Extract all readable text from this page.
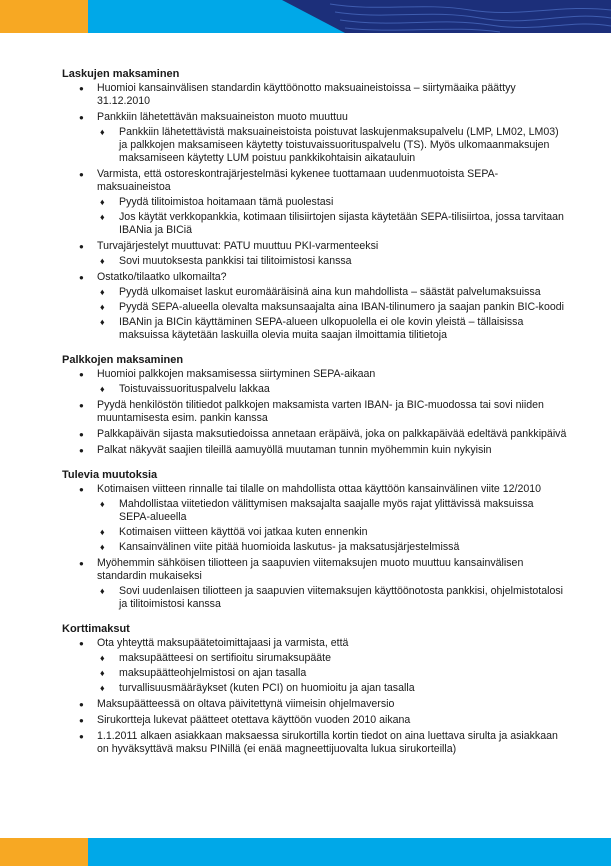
Laskujen maksaminen
● Huomioi kansainvälisen standardin käyttöönotto maksuaineistoissa – siirtymäaika päättyy 31.12.2010
● Pankkiin lähetettävän maksuaineiston muoto muuttuu
♦ Pankkiin lähetettävistä maksuaineistoista poistuvat laskujenmaksupalvelu (LMP, LM02, LM03) ja palkkojen maksamiseen käytetty toistuvaissuorituspalvelu (TS). Myös ulkomaanmaksujen maksamiseen käytetty LUM poistuu pankkikohtaisin aikatauluin
● Varmista, että ostoreskontrajärjestelmäsi kykenee tuottamaan uudenmuotoista SEPA-maksuaineistoa
♦ Pyydä tilitoimistoa hoitamaan tämä puolestasi
♦ Jos käytät verkkopankkia, kotimaan tilisiirtojen sijasta käytetään SEPA-tilisiirtoa, jossa tarvitaan IBANia ja BICiä
● Turvajärjestelyt muuttuvat: PATU muuttuu PKI-varmenteeksi
♦ Sovi muutoksesta pankkisi tai tilitoimistosi kanssa
● Ostatko/tilaatko ulkomailta?
♦ Pyydä ulkomaiset laskut euromääräisinä aina kun mahdollista – säästät palvelumaksuissa
♦ Pyydä SEPA-alueella olevalta maksunsaajalta aina IBAN-tilinumero ja saajan pankin BIC-koodi
♦ IBANin ja BICin käyttäminen SEPA-alueen ulkopuolella ei ole kovin yleistä – tällaisissa maksuissa käytetään laskuilla olevia muita saajan ilmoittamia tilitietoja
Palkkojen maksaminen
● Huomioi palkkojen maksamisessa siirtyminen SEPA-aikaan
♦ Toistuvaissuorituspalvelu lakkaa
● Pyydä henkilöstön tilitiedot palkkojen maksamista varten IBAN- ja BIC-muodossa tai sovi niiden muuntamisesta esim. pankin kanssa
● Palkkapäivän sijasta maksutiedoissa annetaan eräpäivä, joka on palkkapäivää edeltävä pankkipäivä
● Palkat näkyvät saajien tileillä aamuyöllä muutaman tunnin myöhemmin kuin nykyisin
Tulevia muutoksia
● Kotimaisen viitteen rinnalle tai tilalle on mahdollista ottaa käyttöön kansainvälinen viite 12/2010
♦ Mahdollistaa viitetiedon välittymisen maksajalta saajalle myös rajat ylittävissä maksuissa SEPA-alueella
♦ Kotimaisen viitteen käyttöä voi jatkaa kuten ennenkin
♦ Kansainvälinen viite pitää huomioida laskutus- ja maksatusjärjestelmissä
● Myöhemmin sähköisen tiliotteen ja saapuvien viitemaksujen muoto muuttuu kansainvälisen standardin mukaiseksi
♦ Sovi uudenlaisen tiliotteen ja saapuvien viitemaksujen käyttöönotosta pankkisi, ohjelmistotalosi ja tilitoimistosi kanssa
Korttimaksut
● Ota yhteyttä maksupäätetoimittajaasi ja varmista, että
♦ maksupäätteesi on sertifioitu sirumaksupääte
♦ maksupäätteohjelmistosi on ajan tasalla
♦ turvallisuusmääräykset (kuten PCI) on huomioitu ja ajan tasalla
● Maksupäätteessä on oltava päivitettynä viimeisin ohjelmaversio
● Sirukortteja lukevat päätteet otettava käyttöön vuoden 2010 aikana
● 1.1.2011 alkaen asiakkaan maksaessa sirukortilla kortin tiedot on aina luettava sirulta ja asiakkaan on hyväksyttävä maksu PINillä (ei enää magneettijuovalta lukua sirukorteilla)
